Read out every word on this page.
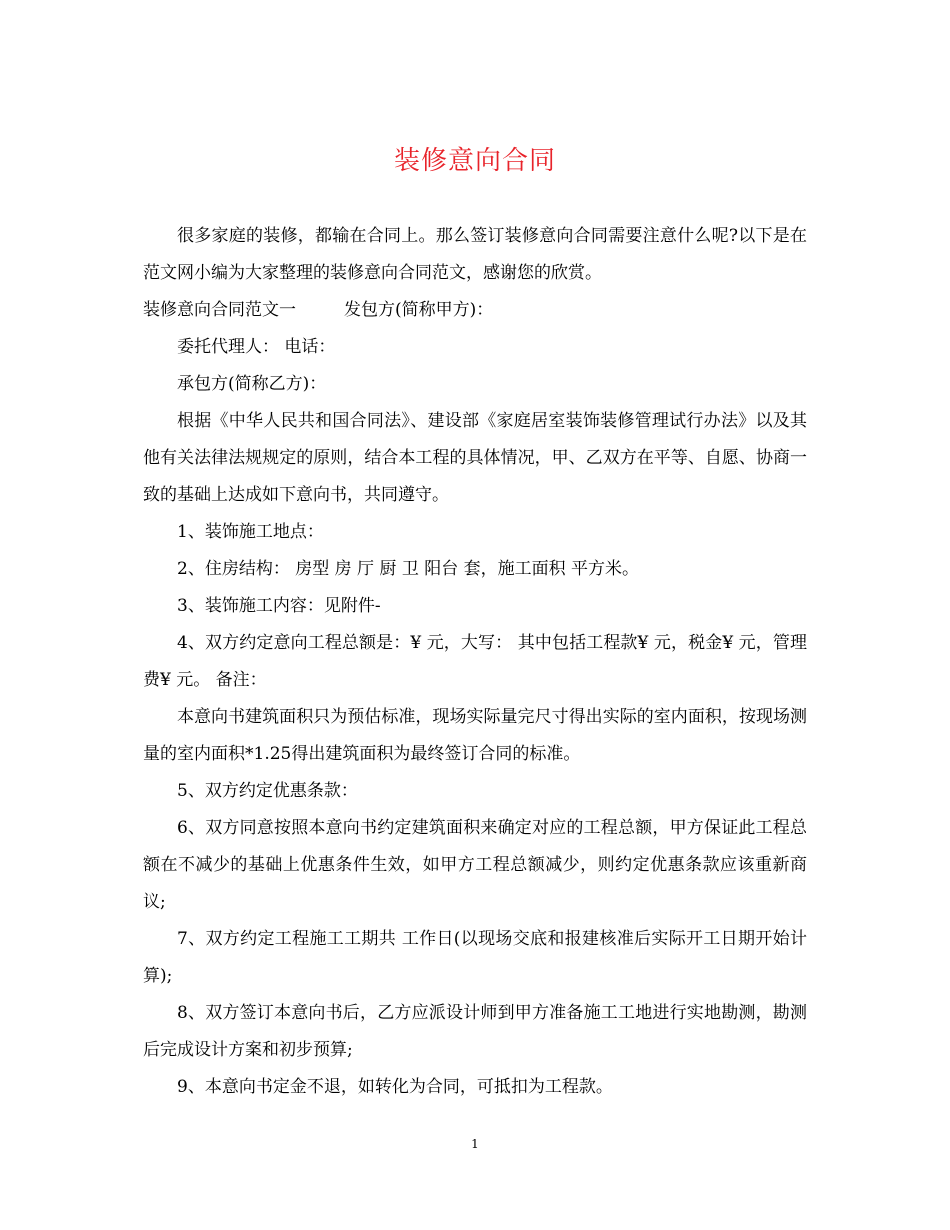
装修意向合同

很多家庭的装修，都输在合同上。那么签订装修意向合同需要注意什么呢?以下是在范文网小编为大家整理的装修意向合同范文，感谢您的欣赏。

装修意向合同范文一	发包方(简称甲方)：

委托代理人： 电话：

承包方(简称乙方)：

根据《中华人民共和国合同法》、建设部《家庭居室装饰装修管理试行办法》以及其他有关法律法规规定的原则，结合本工程的具体情况，甲、乙双方在平等、自愿、协商一致的基础上达成如下意向书，共同遵守。

1、装饰施工地点：

2、住房结构： 房型 房 厅 厨 卫 阳台 套，施工面积 平方米。

3、装饰施工内容：见附件-

4、双方约定意向工程总额是：¥ 元，大写： 其中包括工程款¥ 元，税金¥ 元，管理费¥ 元。 备注：

本意向书建筑面积只为预估标准，现场实际量完尺寸得出实际的室内面积，按现场测量的室内面积*1.25得出建筑面积为最终签订合同的标准。

5、双方约定优惠条款：

6、双方同意按照本意向书约定建筑面积来确定对应的工程总额，甲方保证此工程总额在不减少的基础上优惠条件生效，如甲方工程总额减少，则约定优惠条款应该重新商议;

7、双方约定工程施工工期共 工作日(以现场交底和报建核准后实际开工日期开始计算);

8、双方签订本意向书后，乙方应派设计师到甲方准备施工工地进行实地勘测，勘测后完成设计方案和初步预算;

9、本意向书定金不退，如转化为合同，可抵扣为工程款。

1
